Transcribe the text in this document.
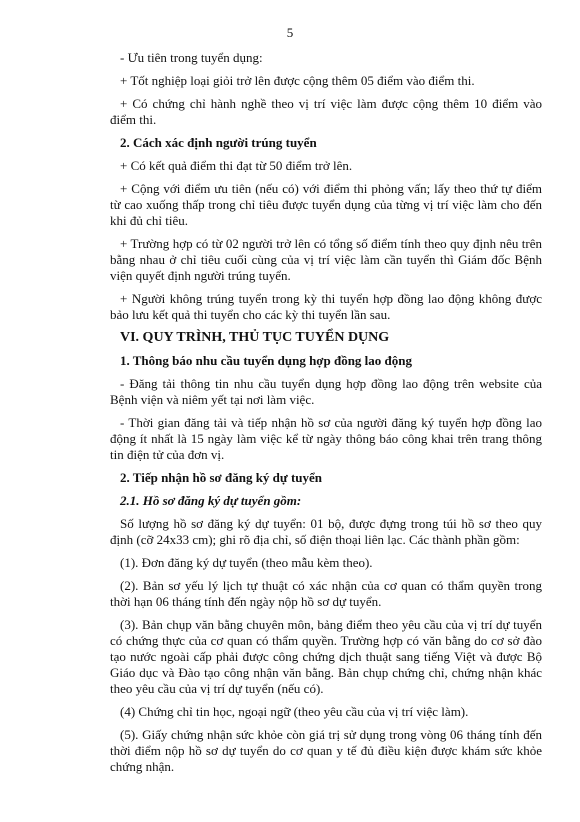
5
- Ưu tiên trong tuyển dụng:
+ Tốt nghiệp loại giỏi trở lên được cộng thêm 05 điểm vào điểm thi.
+ Có chứng chỉ hành nghề theo vị trí việc làm được cộng thêm 10 điểm vào điểm thi.
2. Cách xác định người trúng tuyển
+ Có kết quả điểm thi đạt từ 50 điểm trở lên.
+ Cộng với điểm ưu tiên (nếu có) với điểm thi phỏng vấn; lấy theo thứ tự điểm từ cao xuống thấp trong chỉ tiêu được tuyển dụng của từng vị trí việc làm cho đến khi đủ chỉ tiêu.
+ Trường hợp có từ 02 người trở lên có tổng số điểm tính theo quy định nêu trên bằng nhau ở chỉ tiêu cuối cùng của vị trí việc làm cần tuyển thì Giám đốc Bệnh viện quyết định người trúng tuyển.
+ Người không trúng tuyển trong kỳ thi tuyển hợp đồng lao động không được bảo lưu kết quả thi tuyển cho các kỳ thi tuyển lần sau.
VI. QUY TRÌNH, THỦ TỤC TUYỂN DỤNG
1. Thông báo nhu cầu tuyển dụng hợp đồng lao động
- Đăng tải thông tin nhu cầu tuyển dụng hợp đồng lao động trên website của Bệnh viện và niêm yết tại nơi làm việc.
- Thời gian đăng tải và tiếp nhận hồ sơ của người đăng ký tuyển hợp đồng lao động ít nhất là 15 ngày làm việc kể từ ngày thông báo công khai trên trang thông tin điện tử của đơn vị.
2. Tiếp nhận hồ sơ đăng ký dự tuyển
2.1. Hồ sơ đăng ký dự tuyển gồm:
Số lượng hồ sơ đăng ký dự tuyển: 01 bộ, được đựng trong túi hồ sơ theo quy định (cỡ 24x33 cm); ghi rõ địa chỉ, số điện thoại liên lạc. Các thành phần gồm:
(1). Đơn đăng ký dự tuyển (theo mẫu kèm theo).
(2). Bản sơ yếu lý lịch tự thuật có xác nhận của cơ quan có thẩm quyền trong thời hạn 06 tháng tính đến ngày nộp hồ sơ dự tuyển.
(3). Bản chụp văn bằng chuyên môn, bảng điểm theo yêu cầu của vị trí dự tuyển có chứng thực của cơ quan có thẩm quyền. Trường hợp có văn bằng do cơ sở đào tạo nước ngoài cấp phải được công chứng dịch thuật sang tiếng Việt và được Bộ Giáo dục và Đào tạo công nhận văn bằng. Bản chụp chứng chỉ, chứng nhận khác theo yêu cầu của vị trí dự tuyển (nếu có).
(4) Chứng chỉ tin học, ngoại ngữ (theo yêu cầu của vị trí việc làm).
(5). Giấy chứng nhận sức khỏe còn giá trị sử dụng trong vòng 06 tháng tính đến thời điểm nộp hồ sơ dự tuyển do cơ quan y tế đủ điều kiện được khám sức khỏe chứng nhận.
